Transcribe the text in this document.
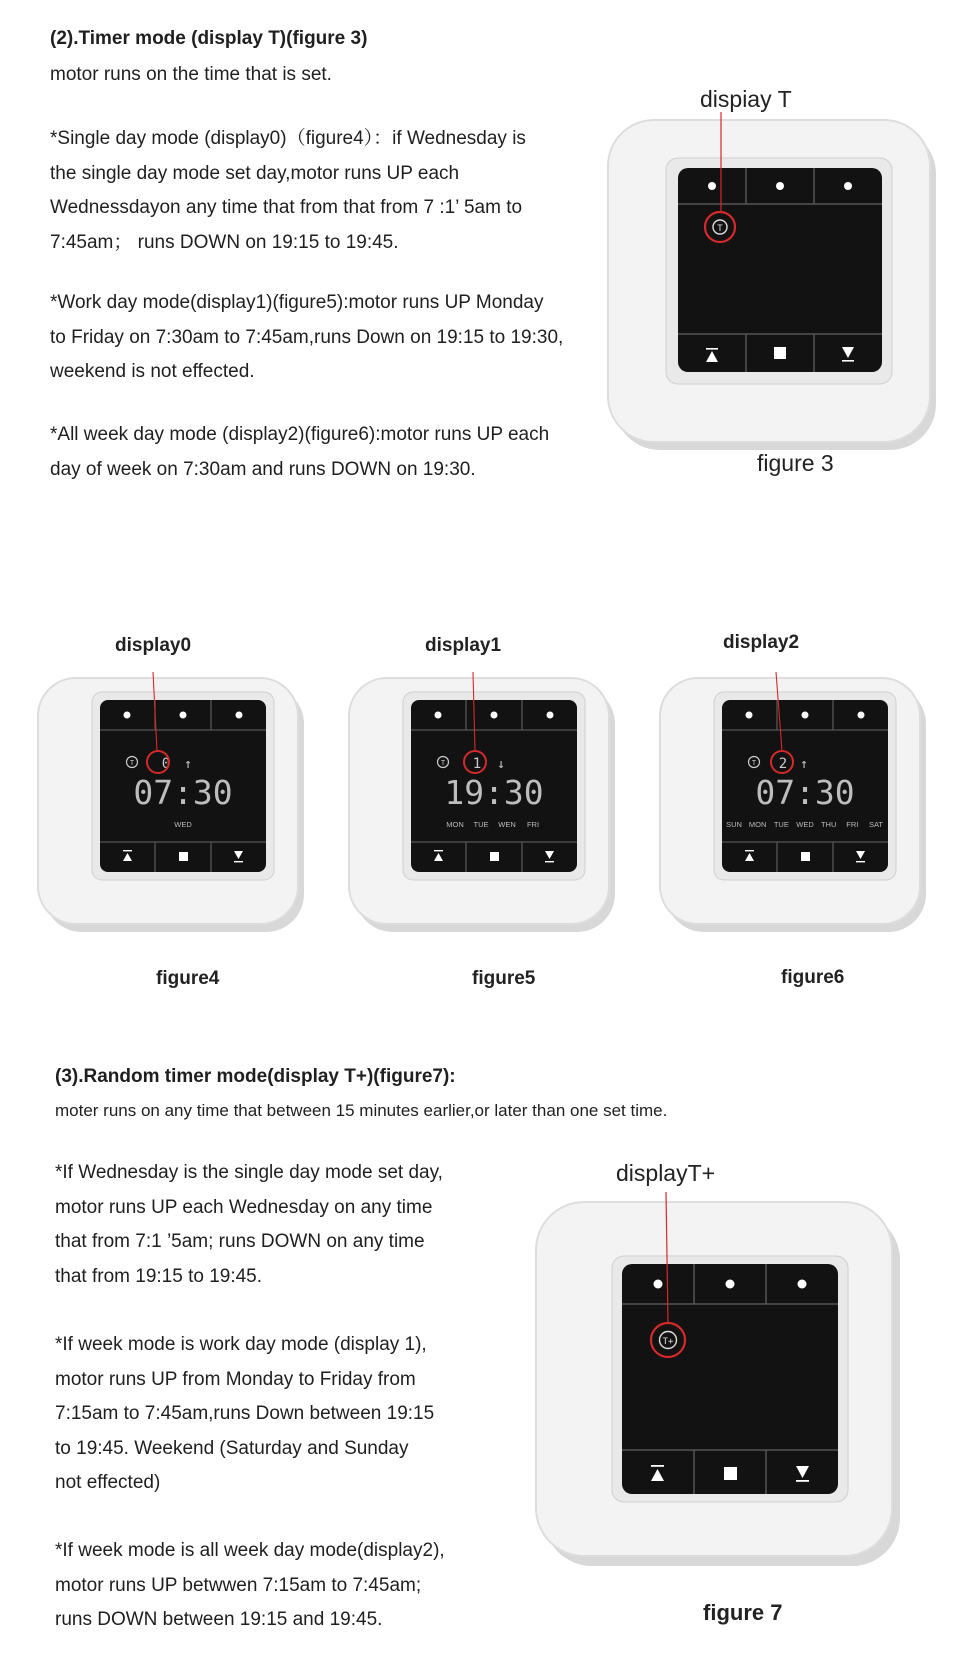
(2).Timer mode (display T)(figure 3)
motor runs on the time that is set.
*Single day mode (display0)（figure4）：if Wednesday is
the single day mode set day,motor runs UP each
Wednessdayon any time that from that from 7 :1’ 5am to
7:45am； runs DOWN on 19:15 to 19:45.
*Work day mode(display1)(figure5):motor runs UP Monday
to Friday on 7:30am to 7:45am,runs Down on 19:15 to 19:30,
weekend is not effected.
*All week day mode (display2)(figure6):motor runs UP each
day of week on 7:30am and runs DOWN on 19:30.
dispiay T
T
figure 3
display0	display1	display2
T 0 ↑
07:30
WED
T 1 ↓
19:30
MON TUE WEN FRI
T 2 ↑
07:30
SUN MON TUE WED THU FRI SAT
figure4	figure5	figure6
(3).Random timer mode(display T+)(figure7):
moter runs on any time that between 15 minutes earlier,or later than one set time.
*If Wednesday is the single day mode set day,
motor runs UP each Wednesday on any time
that from 7:1 ’5am; runs DOWN on any time
that from 19:15 to 19:45.
*If week mode is work day mode (display 1),
motor runs UP from Monday to Friday from
7:15am to 7:45am,runs Down between 19:15
to 19:45. Weekend (Saturday and Sunday
not effected)
*If week mode is all week day mode(display2),
motor runs UP betwwen 7:15am to 7:45am;
runs DOWN between 19:15 and 19:45.
displayT+
T+
figure 7
